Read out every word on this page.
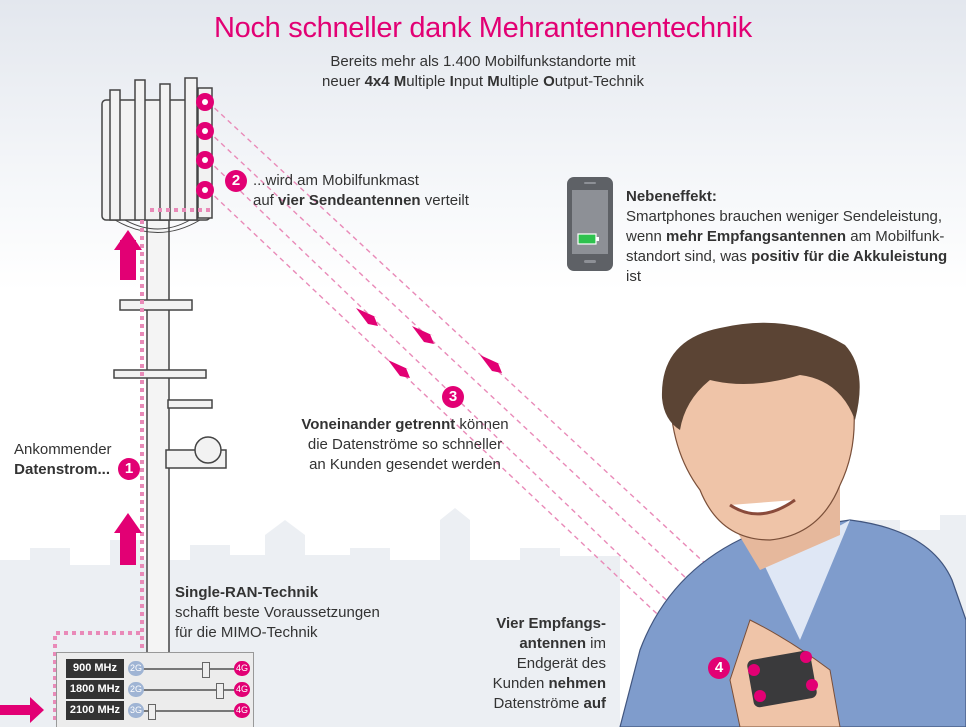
900 MHz	2G	4G
1800 MHz	2G	4G
2100 MHz	3G	4G
Noch schneller dank Mehrantennentechnik
Bereits mehr als 1.400 Mobilfunkstandorte mit
neuer 4x4 Multiple Input Multiple Output-Technik
2 ...wird am Mobilfunkmast
auf vier Sendeantennen verteilt	Nebeneffekt:
Smartphones brauchen weniger Sendeleistung,
wenn mehr Empfangsantennen am Mobilfunk-
standort sind, was positiv für die Akkuleistung ist
3
Voneinander getrennt können
die Datenströme so schneller
an Kunden gesendet werden
Ankommender
Datenstrom... 1
Single-RAN-Technik
schafft beste Voraussetzungen
für die MIMO-Technik
Vier Empfangs-
antennen im
Endgerät des
Kunden nehmen
Datenströme auf
4
